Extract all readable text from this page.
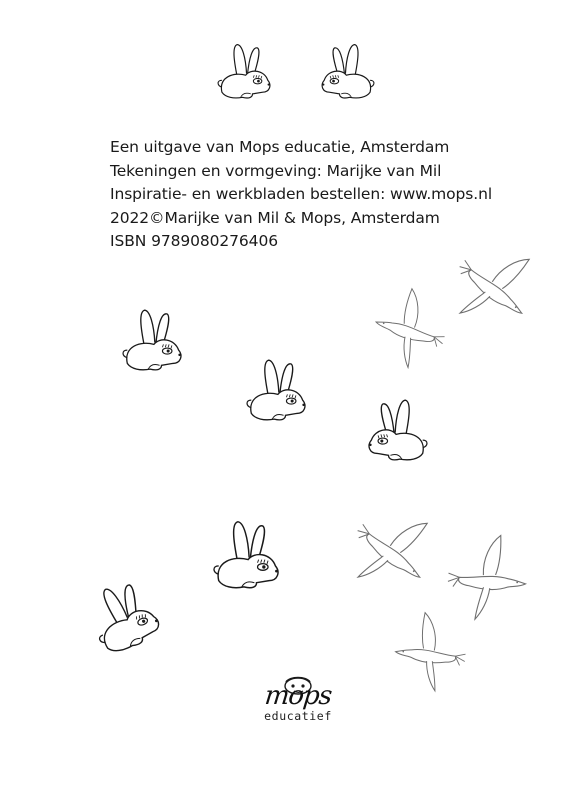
Een uitgave van Mops educatie, Amsterdam
Tekeningen en vormgeving: Marijke van Mil
Inspiratie- en werkbladen bestellen: www.mops.nl
2022©Marijke van Mil & Mops, Amsterdam
ISBN 9789080276406
mops
educatief
